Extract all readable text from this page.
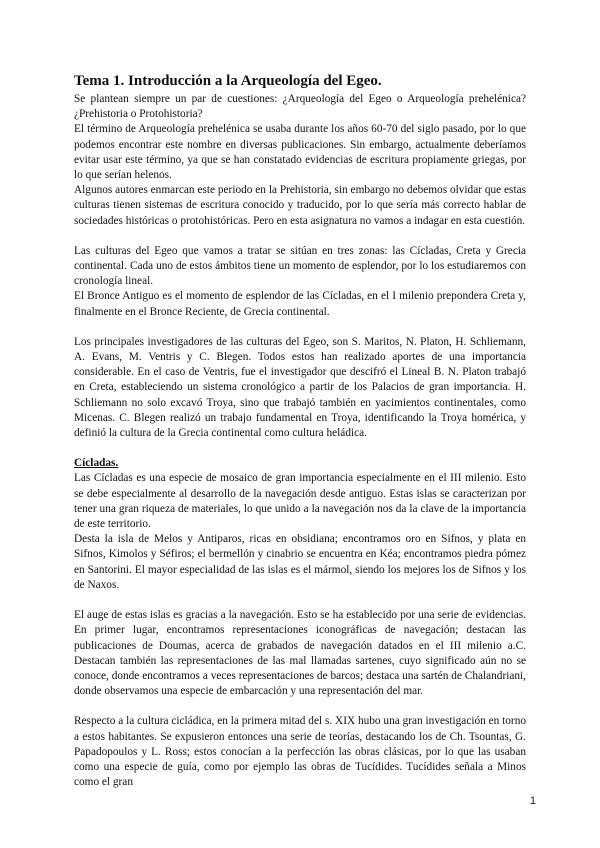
Tema 1. Introducción a la Arqueología del Egeo.

Se plantean siempre un par de cuestiones: ¿Arqueología del Egeo o Arqueología prehelénica? ¿Prehistoria o Protohistoria?

El término de Arqueología prehelénica se usaba durante los años 60-70 del siglo pasado, por lo que podemos encontrar este nombre en diversas publicaciones. Sin embargo, actualmente deberíamos evitar usar este término, ya que se han constatado evidencias de escritura propiamente griegas, por lo que serían helenos.

Algunos autores enmarcan este periodo en la Prehistoria, sin embargo no debemos olvidar que estas culturas tienen sistemas de escritura conocido y traducido, por lo que sería más correcto hablar de sociedades históricas o protohistóricas. Pero en esta asignatura no vamos a indagar en esta cuestión.

Las culturas del Egeo que vamos a tratar se sitúan en tres zonas: las Cícladas, Creta y Grecia continental. Cada uno de estos ámbitos tiene un momento de esplendor, por lo los estudiaremos con cronología lineal.

El Bronce Antiguo es el momento de esplendor de las Cícladas, en el I milenio prepondera Creta y, finalmente en el Bronce Reciente, de Grecia continental.

Los principales investigadores de las culturas del Egeo, son S. Maritos, N. Platon, H. Schliemann, A. Evans, M. Ventris y C. Blegen. Todos estos han realizado aportes de una importancia considerable. En el caso de Ventris, fue el investigador que descifró el Lineal B. N. Platon trabajó en Creta, estableciendo un sistema cronológico a partir de los Palacios de gran importancia. H. Schliemann no solo excavó Troya, sino que trabajó también en yacimientos continentales, como Micenas. C. Blegen realizó un trabajo fundamental en Troya, identificando la Troya homérica, y definió la cultura de la Grecia continental como cultura heládica.

Cícladas.

Las Cícladas es una especie de mosaico de gran importancia especialmente en el III milenio. Esto se debe especialmente al desarrollo de la navegación desde antiguo. Estas islas se caracterizan por tener una gran riqueza de materiales, lo que unido a la navegación nos da la clave de la importancia de este territorio.

Desta la isla de Melos y Antiparos, ricas en obsidiana; encontramos oro en Sifnos, y plata en Sifnos, Kimolos y Séfiros; el bermellón y cinabrio se encuentra en Kéa; encontramos piedra pómez en Santorini. El mayor especialidad de las islas es el mármol, siendo los mejores los de Sifnos y los de Naxos.

El auge de estas islas es gracias a la navegación. Esto se ha establecido por una serie de evidencias. En primer lugar, encontramos representaciones iconográficas de navegación; destacan las publicaciones de Doumas, acerca de grabados de navegación datados en el III milenio a.C. Destacan también las representaciones de las mal llamadas sartenes, cuyo significado aún no se conoce, donde encontramos a veces representaciones de barcos; destaca una sartén de Chalandriani, donde observamos una especie de embarcación y una representación del mar.

Respecto a la cultura cicládica, en la primera mitad del s. XIX hubo una gran investigación en torno a estos habitantes. Se expusieron entonces una serie de teorías, destacando los de Ch. Tsountas, G. Papadopoulos y L. Ross; estos conocían a la perfección las obras clásicas, por lo que las usaban como una especie de guía, como por ejemplo las obras de Tucídides. Tucídides señala a Minos como el gran

1
